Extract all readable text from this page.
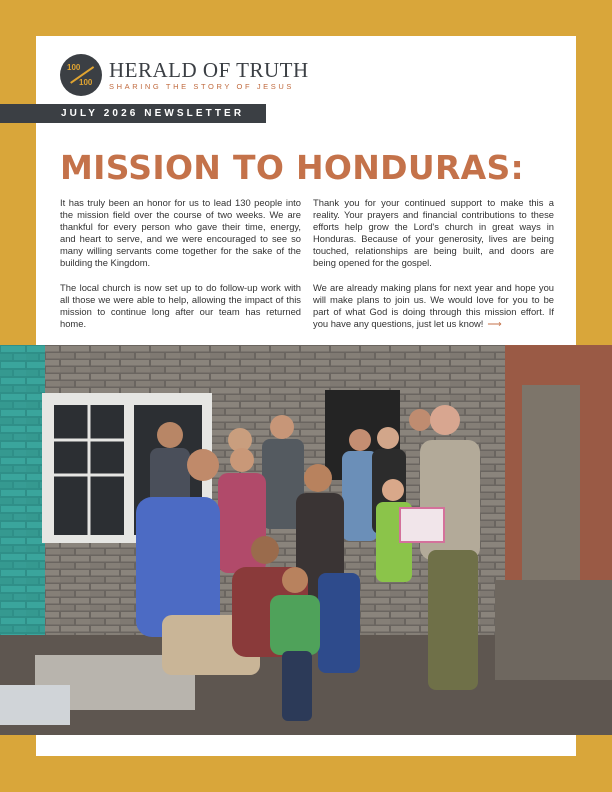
100
100
HERALD OF TRUTH
SHARING THE STORY OF JESUS
JULY 2026 NEWSLETTER
MISSION TO HONDURAS:

It has truly been an honor for us to lead 130 people into the mission field over the course of two weeks. We are thankful for every person who gave their time, energy, and heart to serve, and we were encouraged to see so many willing servants come together for the sake of the building the Kingdom.

The local church is now set up to do follow-up work with all those we were able to help, allowing the impact of this mission to continue long after our team has returned home.

Thank you for your continued support to make this a reality. Your prayers and financial contributions to these efforts help grow the Lord's church in great ways in Honduras. Because of your generosity, lives are being touched, relationships are being built, and doors are being opened for the gospel.

We are already making plans for next year and hope you will make plans to join us. We would love for you to be part of what God is doing through this mission effort. If you have any questions, just let us know! ⟶
